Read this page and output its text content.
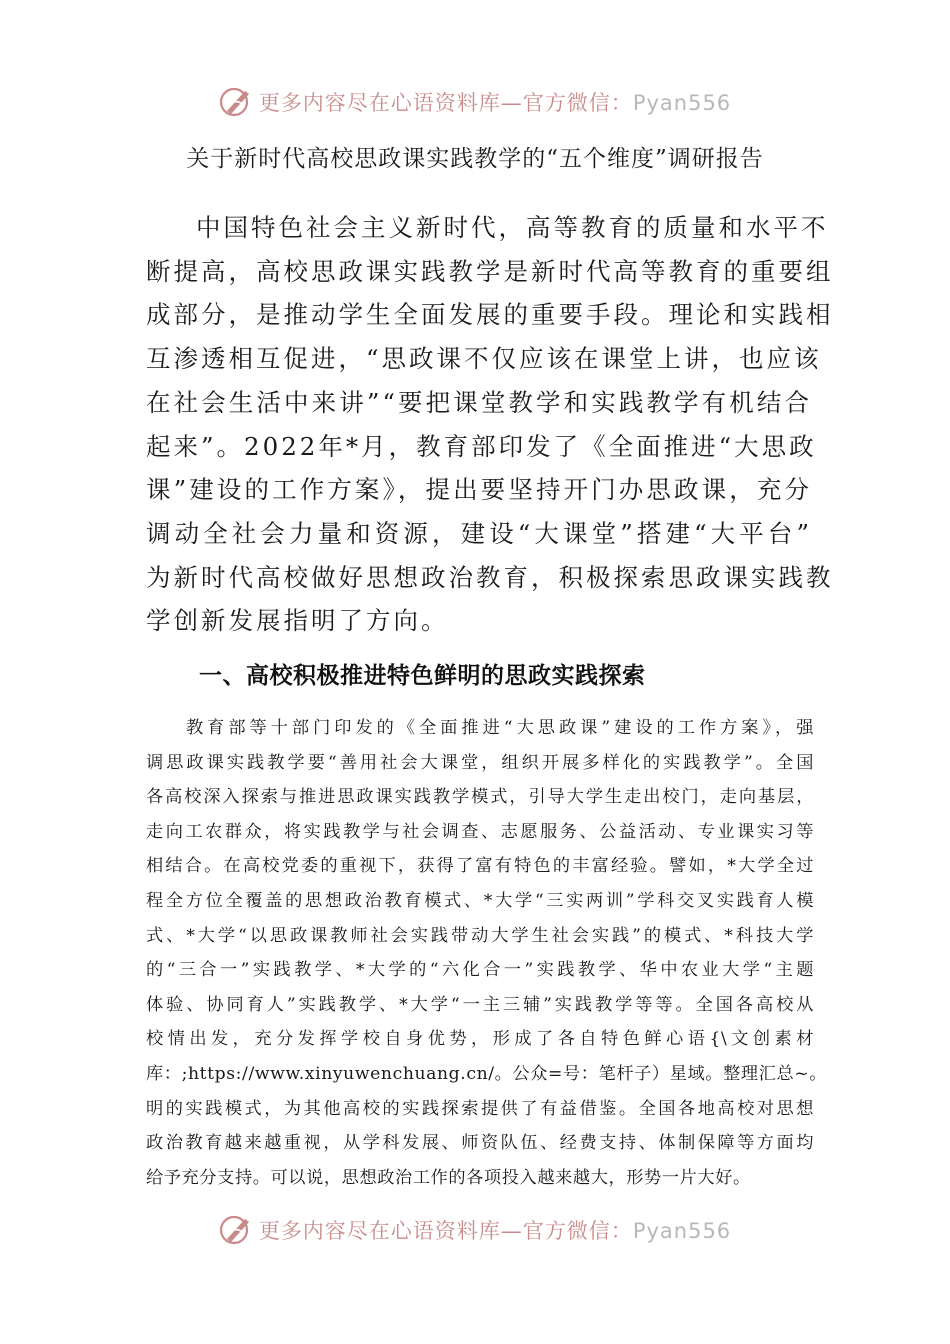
更多内容尽在心语资料库—官方微信：Pyan556
关于新时代高校思政课实践教学的“五个维度”调研报告
中国特色社会主义新时代，高等教育的质量和水平不
断提高，高校思政课实践教学是新时代高等教育的重要组
成部分，是推动学生全面发展的重要手段。理论和实践相
互渗透相互促进，“思政课不仅应该在课堂上讲，也应该
在社会生活中来讲”“要把课堂教学和实践教学有机结合
起来”。2022年*月，教育部印发了《全面推进“大思政
课”建设的工作方案》，提出要坚持开门办思政课，充分
调动全社会力量和资源，建设“大课堂”搭建“大平台”
为新时代高校做好思想政治教育，积极探索思政课实践教
学创新发展指明了方向。
一、高校积极推进特色鲜明的思政实践探索
教育部等十部门印发的《全面推进“大思政课”建设的工作方案》，强
调思政课实践教学要“善用社会大课堂，组织开展多样化的实践教学”。全国
各高校深入探索与推进思政课实践教学模式，引导大学生走出校门，走向基层，
走向工农群众，将实践教学与社会调查、志愿服务、公益活动、专业课实习等
相结合。在高校党委的重视下，获得了富有特色的丰富经验。譬如，*大学全过
程全方位全覆盖的思想政治教育模式、*大学“三实两训”学科交叉实践育人模
式、*大学“以思政课教师社会实践带动大学生社会实践”的模式、*科技大学
的“三合一”实践教学、*大学的“六化合一”实践教学、华中农业大学“主题
体验、协同育人”实践教学、*大学“一主三辅”实践教学等等。全国各高校从
校情出发，充分发挥学校自身优势，形成了各自特色鲜心语{\文创素材
库：;https://www.xinyuwenchuang.cn/。公众=号：笔杆子）星域。整理汇总~。
明的实践模式，为其他高校的实践探索提供了有益借鉴。全国各地高校对思想
政治教育越来越重视，从学科发展、师资队伍、经费支持、体制保障等方面均
给予充分支持。可以说，思想政治工作的各项投入越来越大，形势一片大好。
更多内容尽在心语资料库—官方微信：Pyan556
